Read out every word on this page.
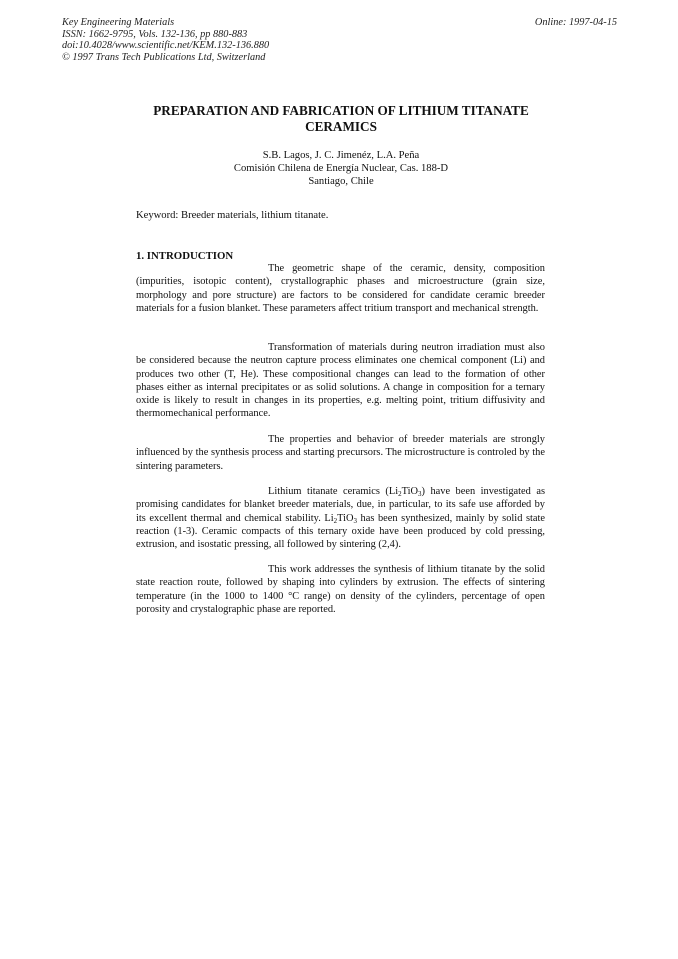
Key Engineering Materials
ISSN: 1662-9795, Vols. 132-136, pp 880-883
doi:10.4028/www.scientific.net/KEM.132-136.880
© 1997 Trans Tech Publications Ltd, Switzerland
Online: 1997-04-15
PREPARATION AND FABRICATION OF LITHIUM TITANATE CERAMICS
S.B. Lagos, J. C. Jimenéz, L.A. Peña
Comisión Chilena de Energía Nuclear, Cas. 188-D
Santiago, Chile
Keyword: Breeder materials, lithium titanate.
1. INTRODUCTION
The geometric shape of the ceramic, density, composition (impurities, isotopic content), crystallographic phases and microestructure (grain size, morphology and pore structure) are factors to be considered for candidate ceramic breeder materials for a fusion blanket. These parameters affect tritium transport and mechanical strength.
Transformation of materials during neutron irradiation must also be considered because the neutron capture process eliminates one chemical component (Li) and produces two other (T, He). These compositional changes can lead to the formation of other phases either as internal precipitates or as solid solutions. A change in composition for a ternary oxide is likely to result in changes in its properties, e.g. melting point, tritium diffusivity and thermomechanical performance.
The properties and behavior of breeder materials are strongly influenced by the synthesis process and starting precursors. The microstructure is controled by the sintering parameters.
Lithium titanate ceramics $(Li_2TiO_3)$ have been investigated as promising candidates for blanket breeder materials, due, in particular, to its safe use afforded by its excellent thermal and chemical stability. $Li_2TiO_3$ has been synthesized, mainly by solid state reaction (1-3). Ceramic compacts of this ternary oxide have been produced by cold pressing, extrusion, and isostatic pressing, all followed by sintering (2,4).
This work addresses the synthesis of lithium titanate by the solid state reaction route, followed by shaping into cylinders by extrusion. The effects of sintering temperature (in the 1000 to 1400 °C range) on density of the cylinders, percentage of open porosity and crystalographic phase are reported.
